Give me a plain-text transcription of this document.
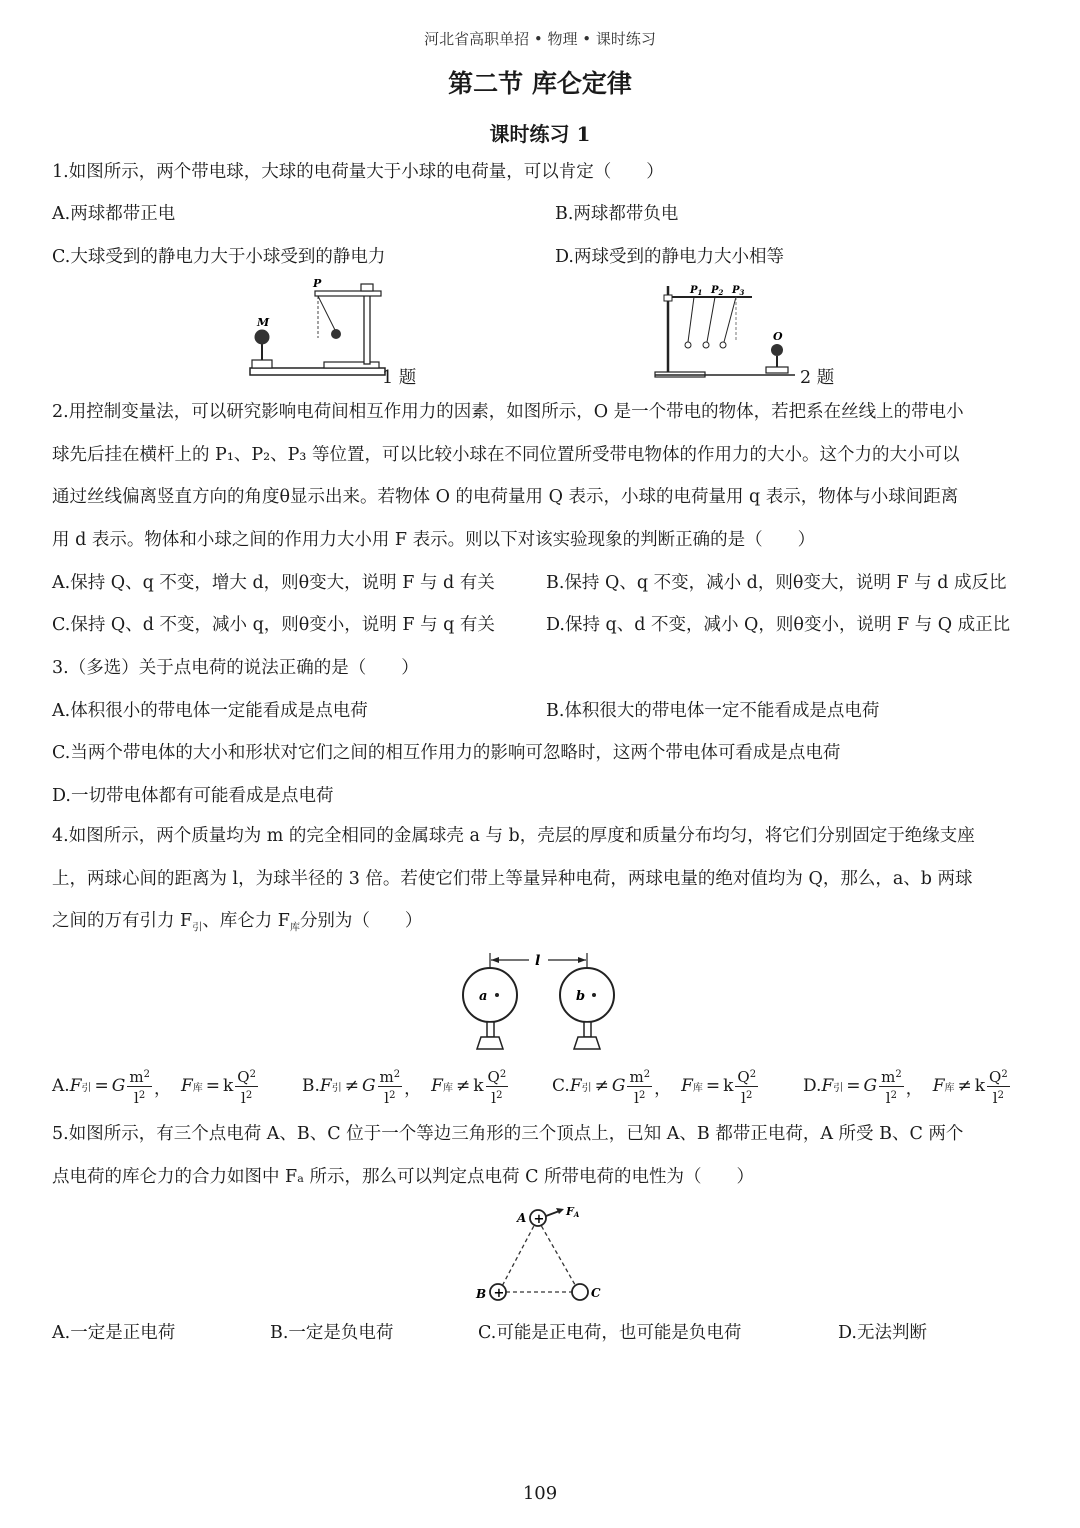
河北省高职单招 • 物理 • 课时练习
第二节 库仑定律
课时练习 1
1.如图所示，两个带电球，大球的电荷量大于小球的电荷量，可以肯定（　　）
A.两球都带正电	B.两球都带负电
C.大球受到的静电力大于小球受到的静电力	D.两球受到的静电力大小相等
M
P
1 题
$P_1$ $P_2$ $P_3$
O
2 题

2.用控制变量法，可以研究影响电荷间相互作用力的因素，如图所示，O 是一个带电的物体，若把系在丝线上的带电小

球先后挂在横杆上的 P₁、P₂、P₃ 等位置，可以比较小球在不同位置所受带电物体的作用力的大小。这个力的大小可以

通过丝线偏离竖直方向的角度θ显示出来。若物体 O 的电荷量用 Q 表示，小球的电荷量用 q 表示，物体与小球间距离

用 d 表示。物体和小球之间的作用力大小用 F 表示。则以下对该实验现象的判断正确的是（　　）

A.保持 Q、q 不变，增大 d，则θ变大，说明 F 与 d 有关	B.保持 Q、q 不变，减小 d，则θ变大，说明 F 与 d 成反比
C.保持 Q、d 不变，减小 q，则θ变小，说明 F 与 q 有关	D.保持 q、d 不变，减小 Q，则θ变小，说明 F 与 Q 成正比
3.（多选）关于点电荷的说法正确的是（　　）
A.体积很小的带电体一定能看成是点电荷	B.体积很大的带电体一定不能看成是点电荷
C.当两个带电体的大小和形状对它们之间的相互作用力的影响可忽略时，这两个带电体可看成是点电荷
D.一切带电体都有可能看成是点电荷

4.如图所示，两个质量均为 m 的完全相同的金属球壳 a 与 b，壳层的厚度和质量分布均匀，将它们分别固定于绝缘支座

上，两球心间的距离为 l，为球半径的 3 倍。若使它们带上等量异种电荷，两球电量的绝对值均为 Q，那么，a、b 两球

之间的万有引力 $F_引$、库仑力 $F_库$分别为（　　）

l
a	b
A. F 引 = G $\frac{m^2}{l^2}$ ， F 库 = k $\frac{Q^2}{l^2}$	B. F 引 ≠ G $\frac{m^2}{l^2}$ ， F 库 ≠ k $\frac{Q^2}{l^2}$	C. F 引 ≠ G $\frac{m^2}{l^2}$ ， F 库 = k $\frac{Q^2}{l^2}$	D. F 引 = G $\frac{m^2}{l^2}$ ， F 库 ≠ k $\frac{Q^2}{l^2}$

5.如图所示，有三个点电荷 A、B、C 位于一个等边三角形的三个顶点上，已知 A、B 都带正电荷，A 所受 B、C 两个

点电荷的库仑力的合力如图中 Fₐ 所示，那么可以判定点电荷 C 所带电荷的电性为（　　）

+
+
A
B	C
FA
A.一定是正电荷	B.一定是负电荷	C.可能是正电荷，也可能是负电荷	D.无法判断
109
